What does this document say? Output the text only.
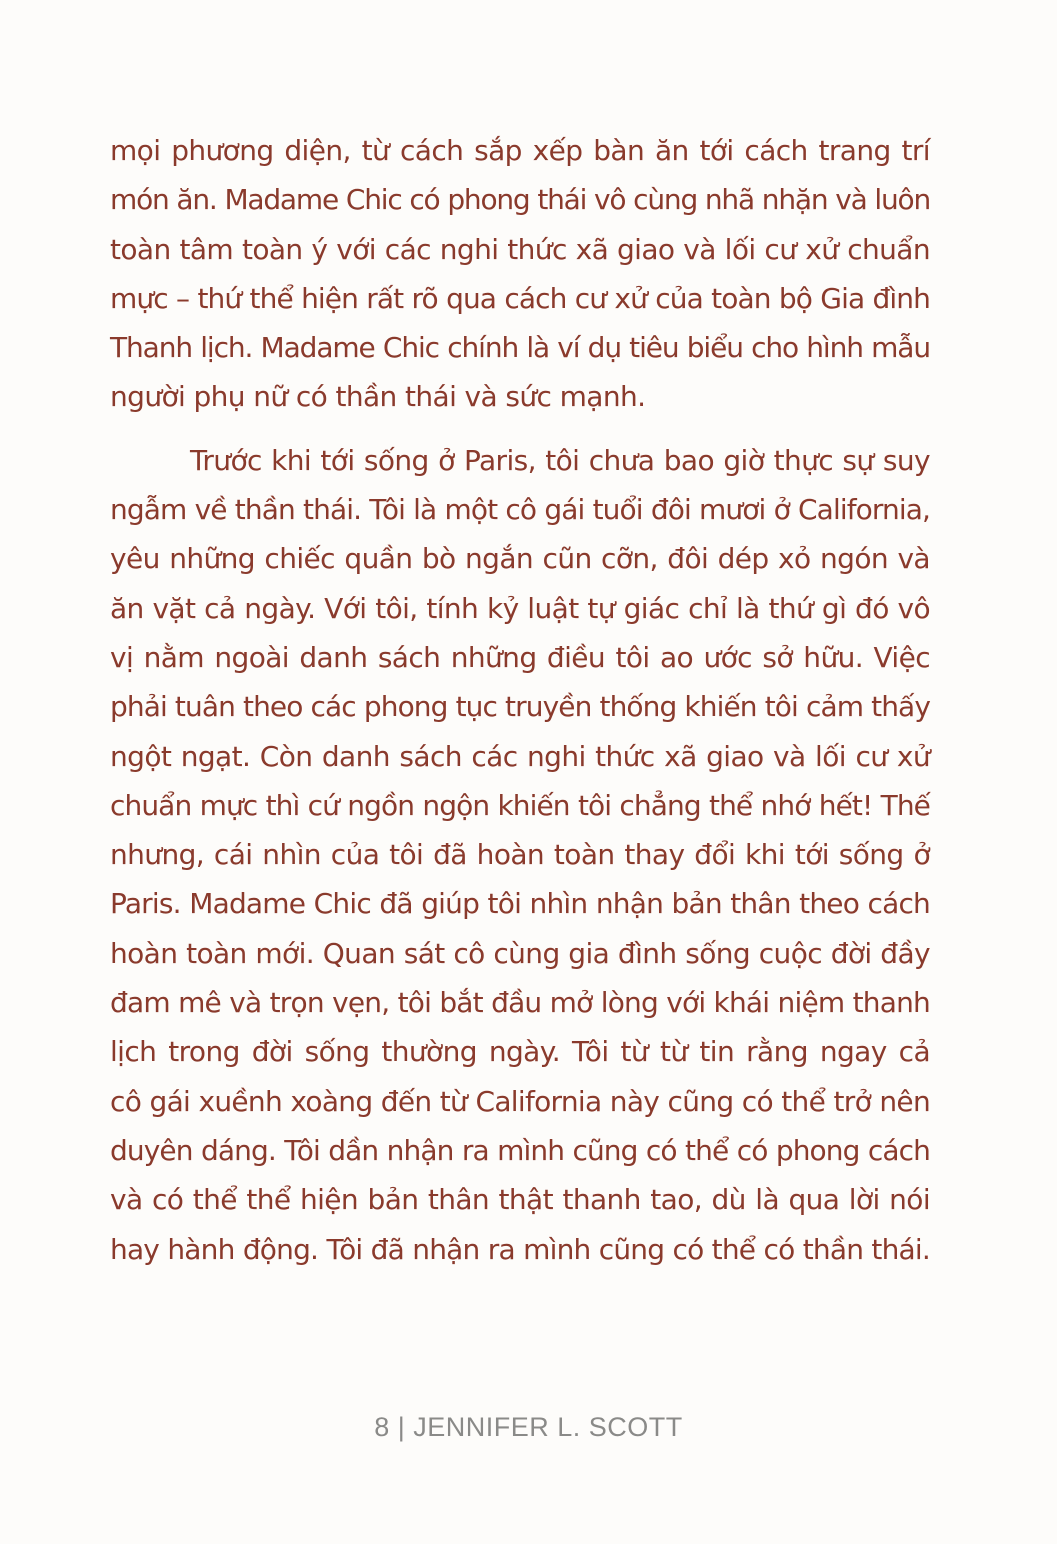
mọi phương diện, từ cách sắp xếp bàn ăn tới cách trang trí
món ăn. Madame Chic có phong thái vô cùng nhã nhặn và luôn
toàn tâm toàn ý với các nghi thức xã giao và lối cư xử chuẩn
mực – thứ thể hiện rất rõ qua cách cư xử của toàn bộ Gia đình
Thanh lịch. Madame Chic chính là ví dụ tiêu biểu cho hình mẫu
người phụ nữ có thần thái và sức mạnh.
Trước khi tới sống ở Paris, tôi chưa bao giờ thực sự suy
ngẫm về thần thái. Tôi là một cô gái tuổi đôi mươi ở California,
yêu những chiếc quần bò ngắn cũn cỡn, đôi dép xỏ ngón và
ăn vặt cả ngày. Với tôi, tính kỷ luật tự giác chỉ là thứ gì đó vô
vị nằm ngoài danh sách những điều tôi ao ước sở hữu. Việc
phải tuân theo các phong tục truyền thống khiến tôi cảm thấy
ngột ngạt. Còn danh sách các nghi thức xã giao và lối cư xử
chuẩn mực thì cứ ngồn ngộn khiến tôi chẳng thể nhớ hết! Thế
nhưng, cái nhìn của tôi đã hoàn toàn thay đổi khi tới sống ở
Paris. Madame Chic đã giúp tôi nhìn nhận bản thân theo cách
hoàn toàn mới. Quan sát cô cùng gia đình sống cuộc đời đầy
đam mê và trọn vẹn, tôi bắt đầu mở lòng với khái niệm thanh
lịch trong đời sống thường ngày. Tôi từ từ tin rằng ngay cả
cô gái xuềnh xoàng đến từ California này cũng có thể trở nên
duyên dáng. Tôi dần nhận ra mình cũng có thể có phong cách
và có thể thể hiện bản thân thật thanh tao, dù là qua lời nói
hay hành động. Tôi đã nhận ra mình cũng có thể có thần thái.
8 | JENNIFER L. SCOTT
